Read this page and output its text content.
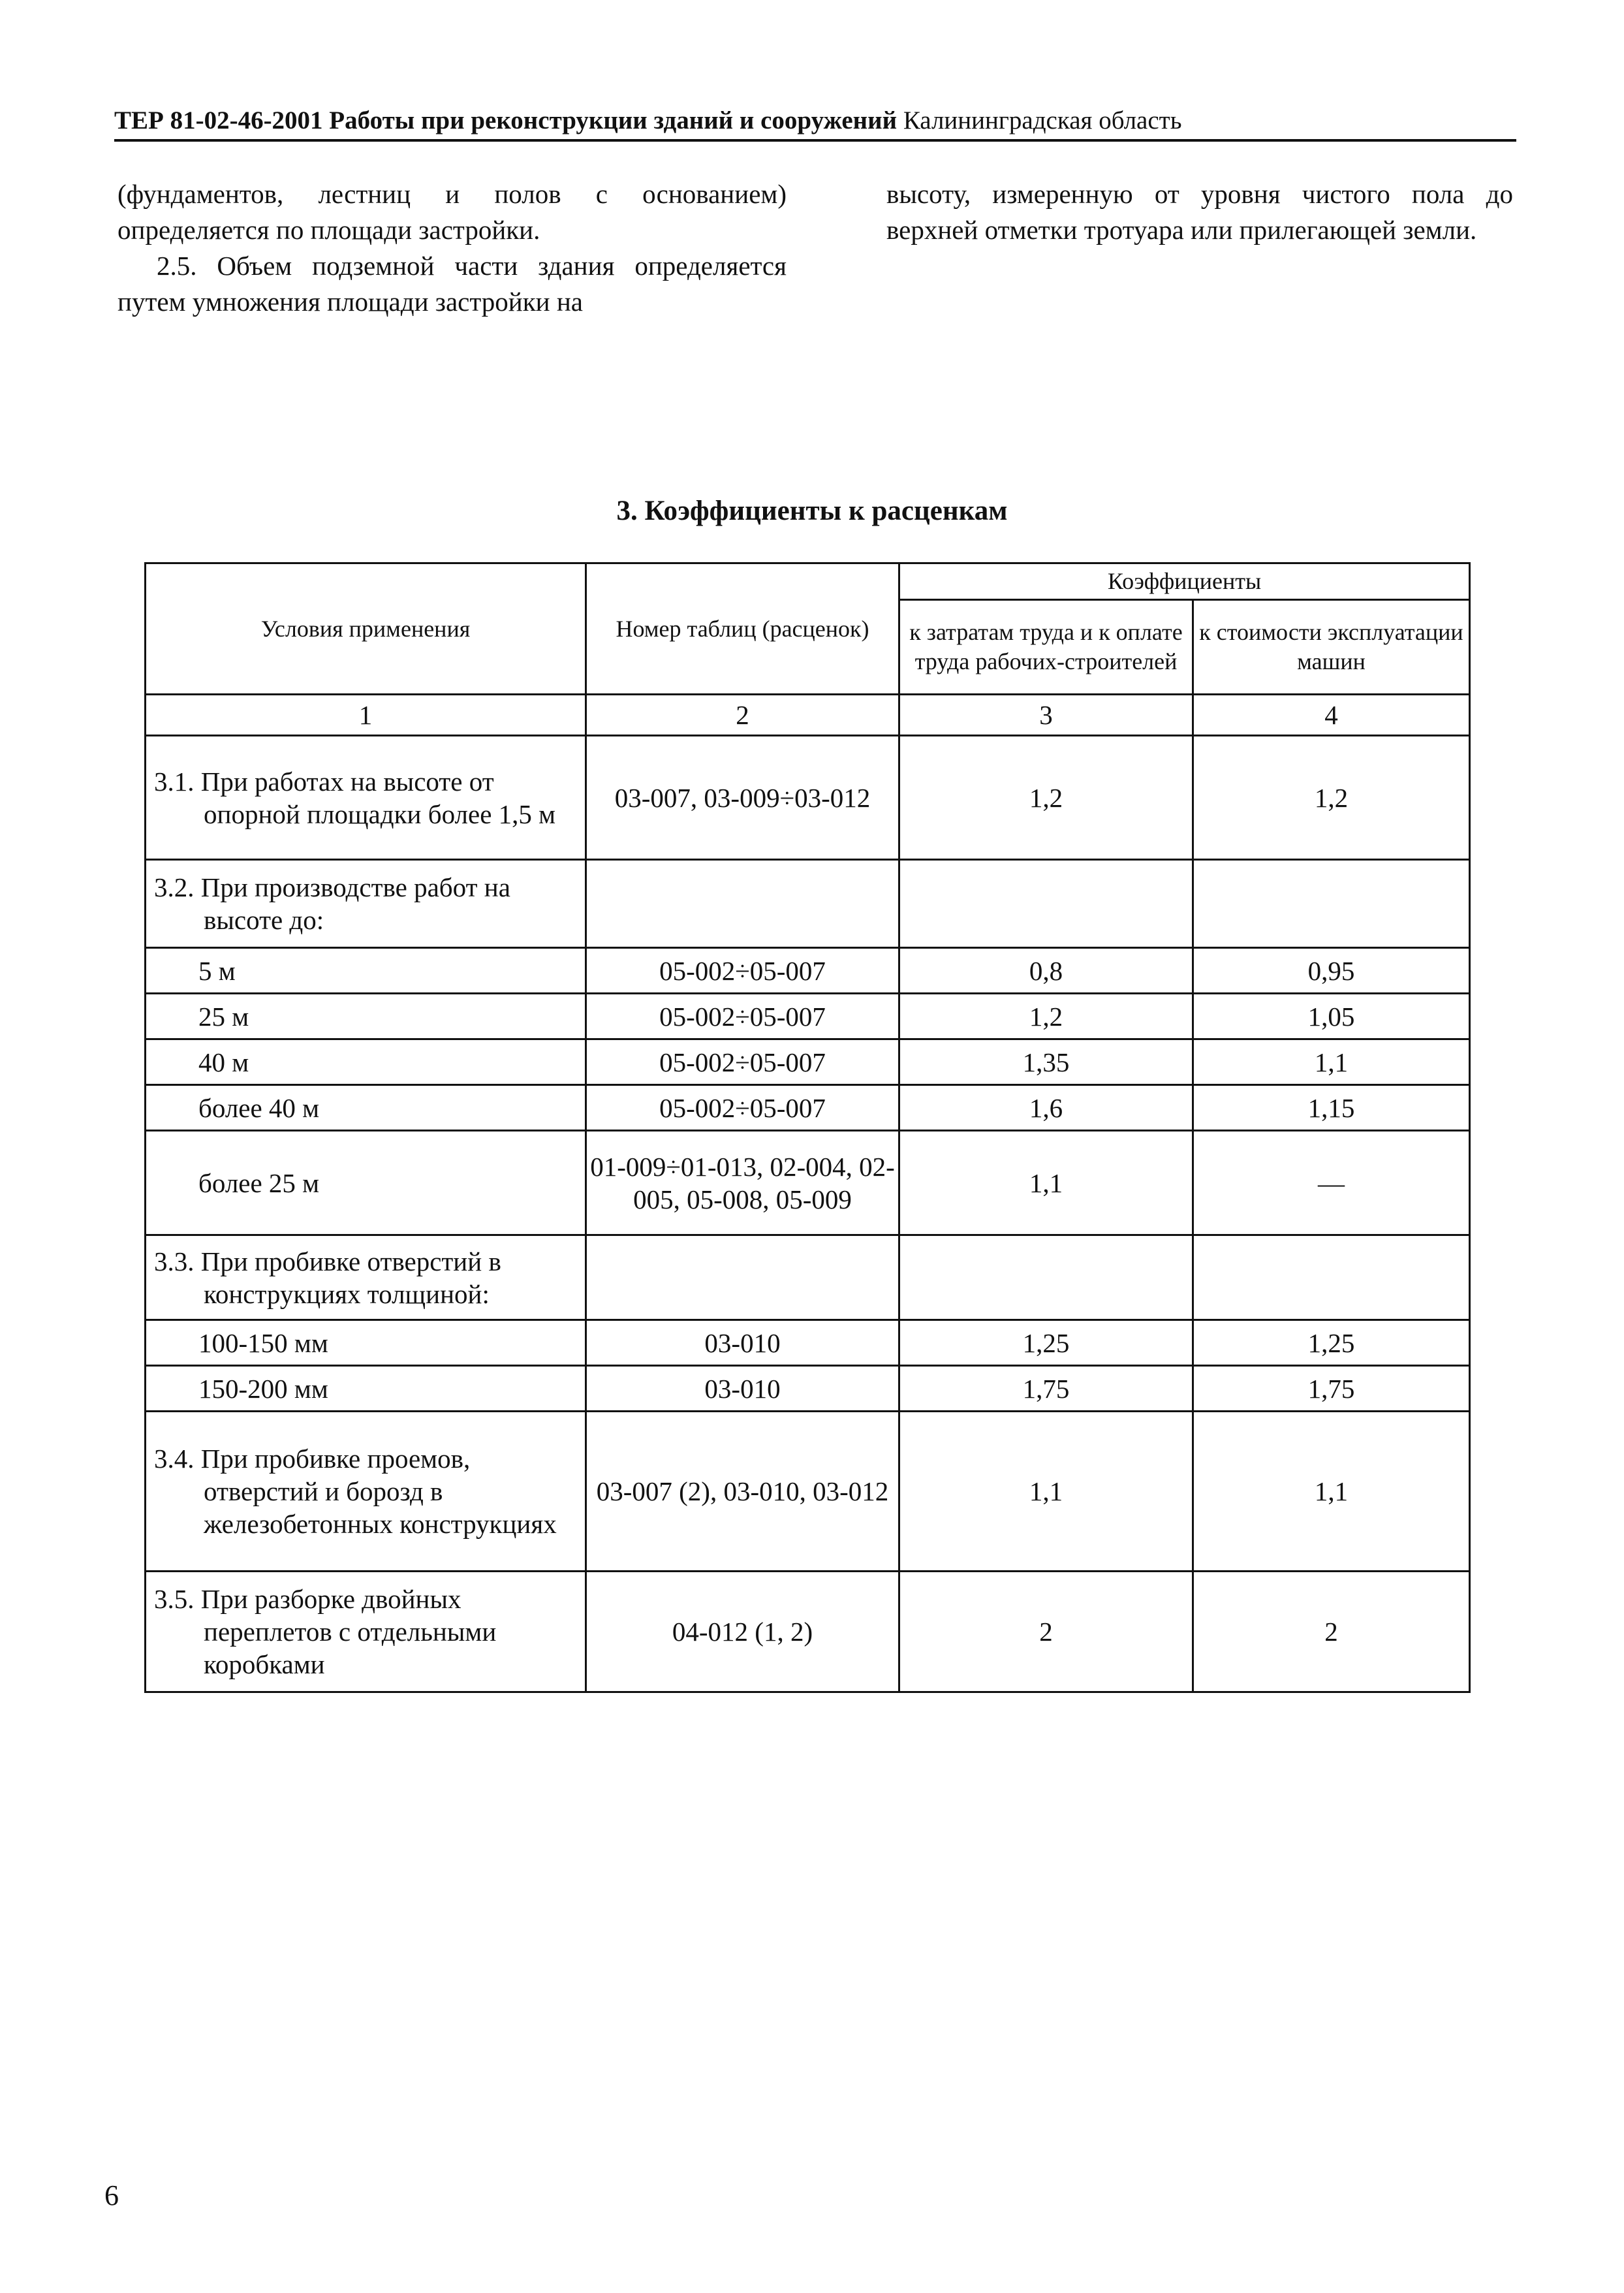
ТЕР 81-02-46-2001 Работы при реконструкции зданий и сооружений Калининградская область

(фундаментов, лестниц и полов с основанием) определяется по площади застройки.

2.5. Объем подземной части здания определяется путем умножения площади застройки на

высоту, измеренную от уровня чистого пола до верхней отметки тротуара или прилегающей земли.

3. Коэффициенты к расценкам
Условия применения	Номер таблиц (расценок)	Коэффициенты	
		к затратам труда и к оплате труда рабочих-строителей	к стоимости эксплуатации машин
1	2	3	4

3.1. При работах на высоте от опорной площадки более 1,5 м	03-007, 03-009÷03-012	1,2	1,2

3.2. При производстве работ на высоте до:			

5 м	05-002÷05-007	0,8	0,95
25 м	05-002÷05-007	1,2	1,05
40 м	05-002÷05-007	1,35	1,1
более 40 м	05-002÷05-007	1,6	1,15
более 25 м	01-009÷01-013, 02-004, 02-005, 05-008, 05-009	1,1	—

3.3. При пробивке отверстий в конструкциях толщиной:			

100-150 мм	03-010	1,25	1,25
150-200 мм	03-010	1,75	1,75

3.4. При пробивке проемов, отверстий и борозд в железобетонных конструкциях	03-007 (2), 03-010, 03-012	1,1	1,1

3.5. При разборке двойных переплетов с отдельными коробками	04-012 (1, 2)	2	2
6
